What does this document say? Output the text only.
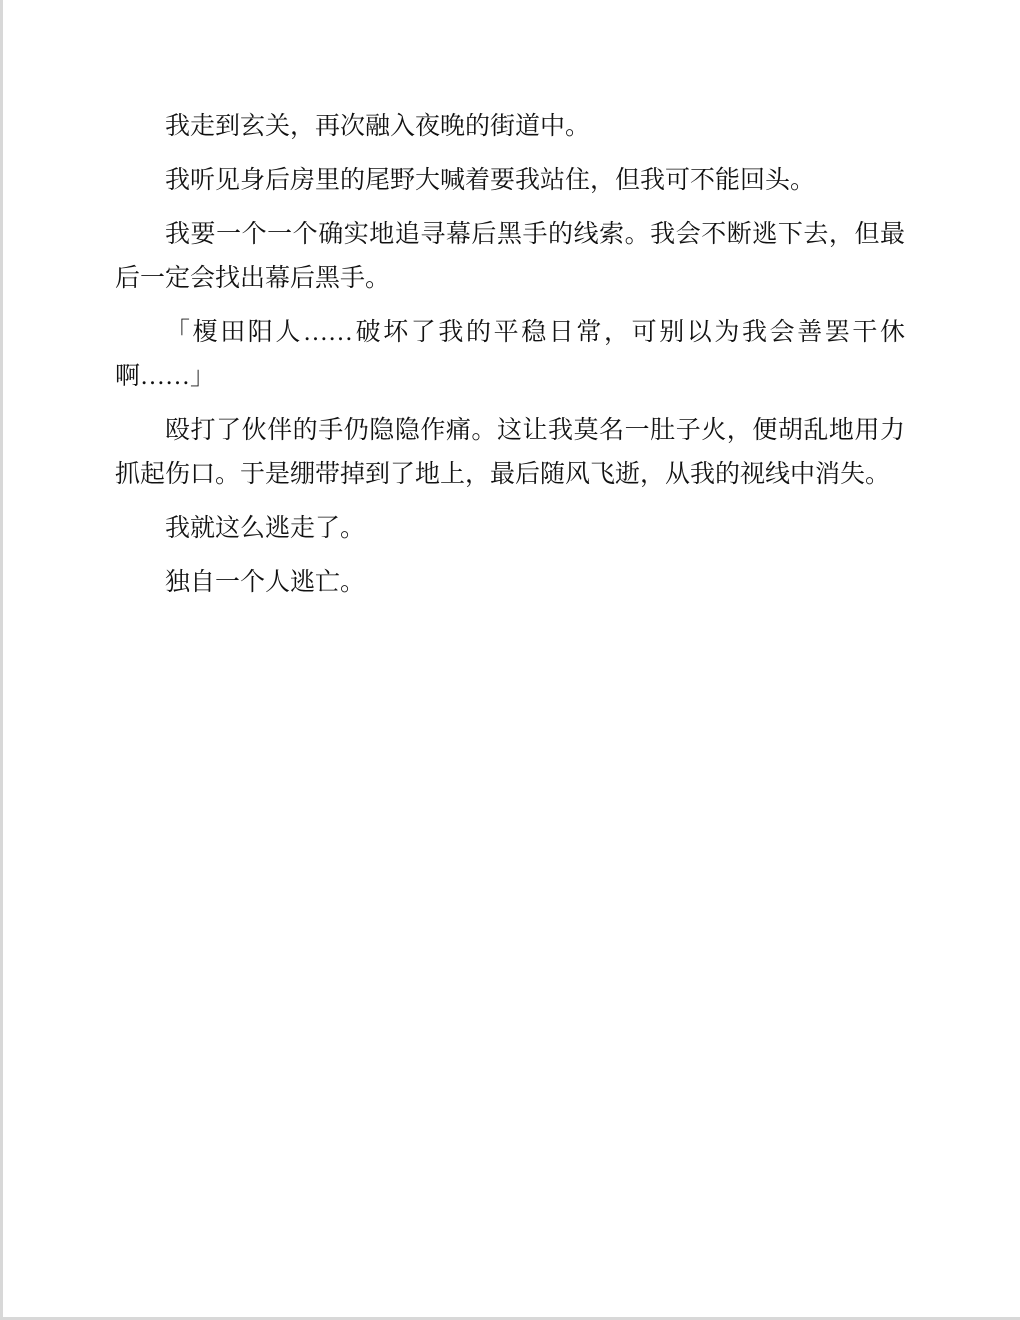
我走到玄关，再次融入夜晚的街道中。

我听见身后房里的尾野大喊着要我站住，但我可不能回头。

我要一个一个确实地追寻幕后黑手的线索。我会不断逃下去，但最后一定会找出幕后黑手。

「榎田阳人……破坏了我的平稳日常，可别以为我会善罢干休啊……」

殴打了伙伴的手仍隐隐作痛。这让我莫名一肚子火，便胡乱地用力抓起伤口。于是绷带掉到了地上，最后随风飞逝，从我的视线中消失。

我就这么逃走了。

独自一个人逃亡。
